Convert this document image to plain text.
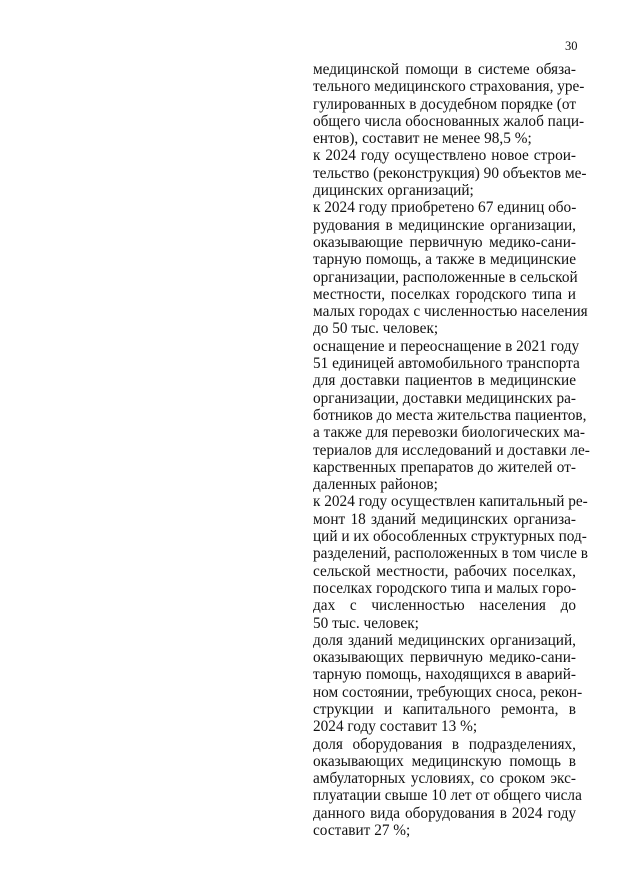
30
медицинской помощи в системе обяза-
тельного медицинского страхования, уре-
гулированных в досудебном порядке (от
общего числа обоснованных жалоб паци-
ентов), составит не менее 98,5 %;
к 2024 году осуществлено новое строи-
тельство (реконструкция) 90 объектов ме-
дицинских организаций;
к 2024 году приобретено 67 единиц обо-
рудования в медицинские организации,
оказывающие первичную медико-сани-
тарную помощь, а также в медицинские
организации, расположенные в сельской
местности, поселках городского типа и
малых городах с численностью населения
до 50 тыс. человек;
оснащение и переоснащение в 2021 году
51 единицей автомобильного транспорта
для доставки пациентов в медицинские
организации, доставки медицинских ра-
ботников до места жительства пациентов,
а также для перевозки биологических ма-
териалов для исследований и доставки ле-
карственных препаратов до жителей от-
даленных районов;
к 2024 году осуществлен капитальный ре-
монт 18 зданий медицинских организа-
ций и их обособленных структурных под-
разделений, расположенных в том числе в
сельской местности, рабочих поселках,
поселках городского типа и малых горо-
дах с численностью населения до
50 тыс. человек;
доля зданий медицинских организаций,
оказывающих первичную медико-сани-
тарную помощь, находящихся в аварий-
ном состоянии, требующих сноса, рекон-
струкции и капитального ремонта, в
2024 году составит 13 %;
доля оборудования в подразделениях,
оказывающих медицинскую помощь в
амбулаторных условиях, со сроком экс-
плуатации свыше 10 лет от общего числа
данного вида оборудования в 2024 году
составит 27 %;
